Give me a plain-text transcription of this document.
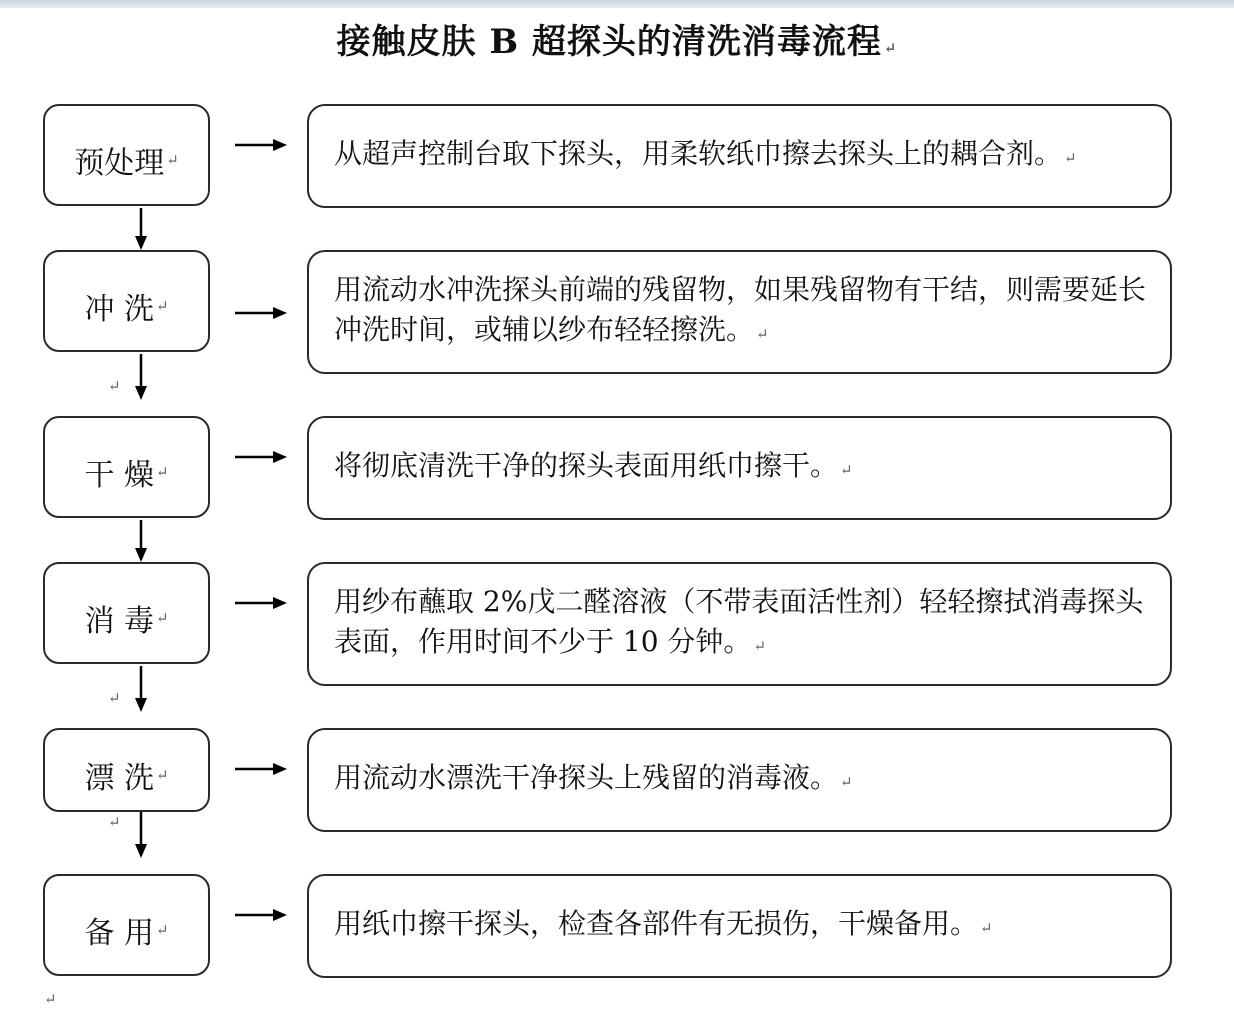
接触皮肤 B 超探头的清洗消毒流程 ↵
预处理 ↵	从超声控制台取下探头，用柔软纸巾擦去探头上的耦合剂。 ↵
冲 洗 ↵	用流动水冲洗探头前端的残留物，如果残留物有干结，则需要延长冲洗时间，或辅以纱布轻轻擦洗。 ↵
↵
干 燥 ↵	将彻底清洗干净的探头表面用纸巾擦干。 ↵
消 毒 ↵	用纱布蘸取 2%戊二醛溶液（不带表面活性剂）轻轻擦拭消毒探头表面，作用时间不少于 10 分钟。 ↵
↵
漂 洗 ↵	用流动水漂洗干净探头上残留的消毒液。 ↵
↵
备 用 ↵	用纸巾擦干探头，检查各部件有无损伤，干燥备用。 ↵
↵
